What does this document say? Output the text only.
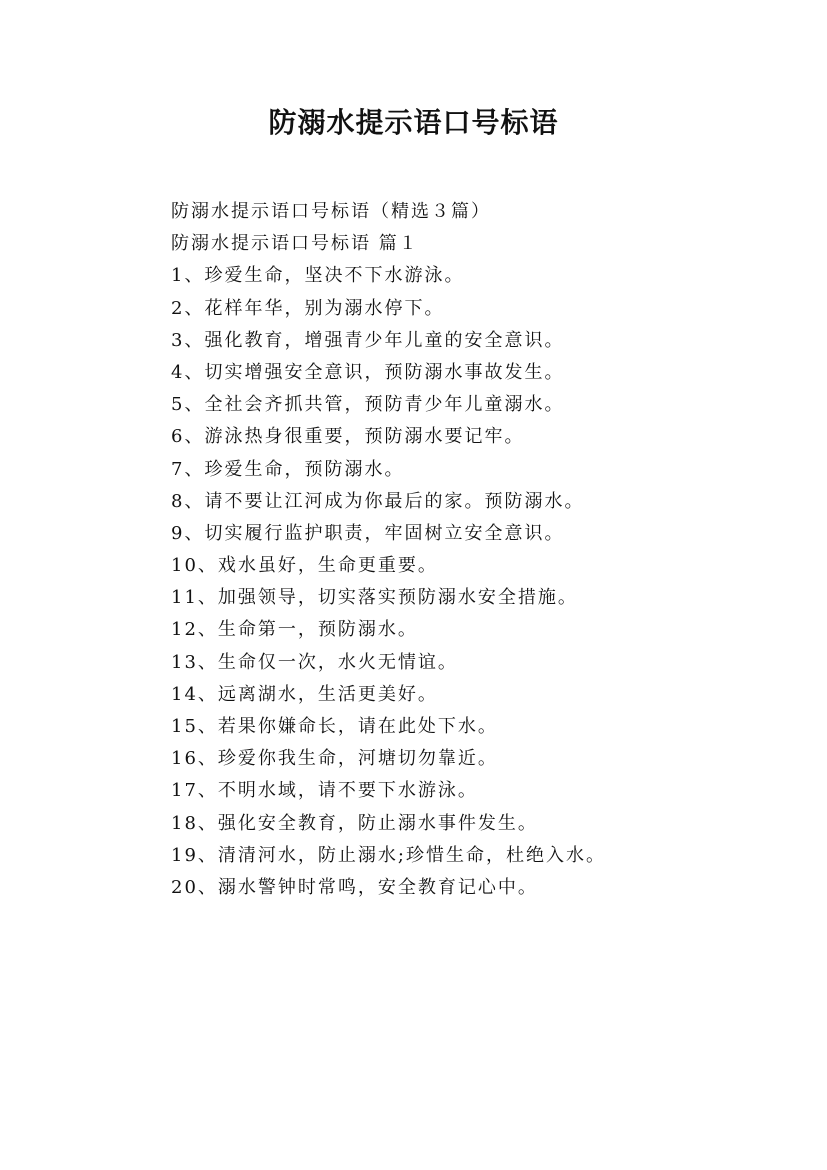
防溺水提示语口号标语
防溺水提示语口号标语（精选３篇）
防溺水提示语口号标语 篇１
1、珍爱生命，坚决不下水游泳。
2、花样年华，别为溺水停下。
3、强化教育，增强青少年儿童的安全意识。
4、切实增强安全意识，预防溺水事故发生。
5、全社会齐抓共管，预防青少年儿童溺水。
6、游泳热身很重要，预防溺水要记牢。
7、珍爱生命，预防溺水。
8、请不要让江河成为你最后的家。预防溺水。
9、切实履行监护职责，牢固树立安全意识。
10、戏水虽好，生命更重要。
11、加强领导，切实落实预防溺水安全措施。
12、生命第一，预防溺水。
13、生命仅一次，水火无情谊。
14、远离湖水，生活更美好。
15、若果你嫌命长，请在此处下水。
16、珍爱你我生命，河塘切勿靠近。
17、不明水域，请不要下水游泳。
18、强化安全教育，防止溺水事件发生。
19、清清河水，防止溺水;珍惜生命，杜绝入水。
20、溺水警钟时常鸣，安全教育记心中。
